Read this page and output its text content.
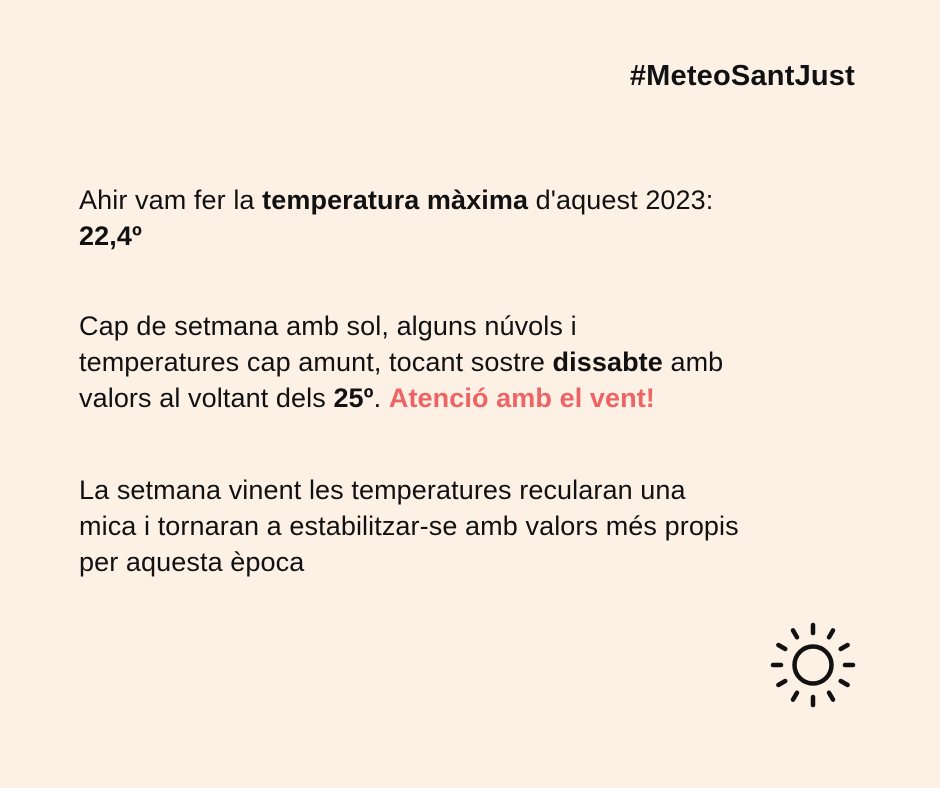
#MeteoSantJust
Ahir vam fer la temperatura màxima d'aquest 2023:
22,4º
Cap de setmana amb sol, alguns núvols i
temperatures cap amunt, tocant sostre dissabte amb
valors al voltant dels 25º. Atenció amb el vent!
La setmana vinent les temperatures recularan una
mica i tornaran a estabilitzar-se amb valors més propis
per aquesta època
